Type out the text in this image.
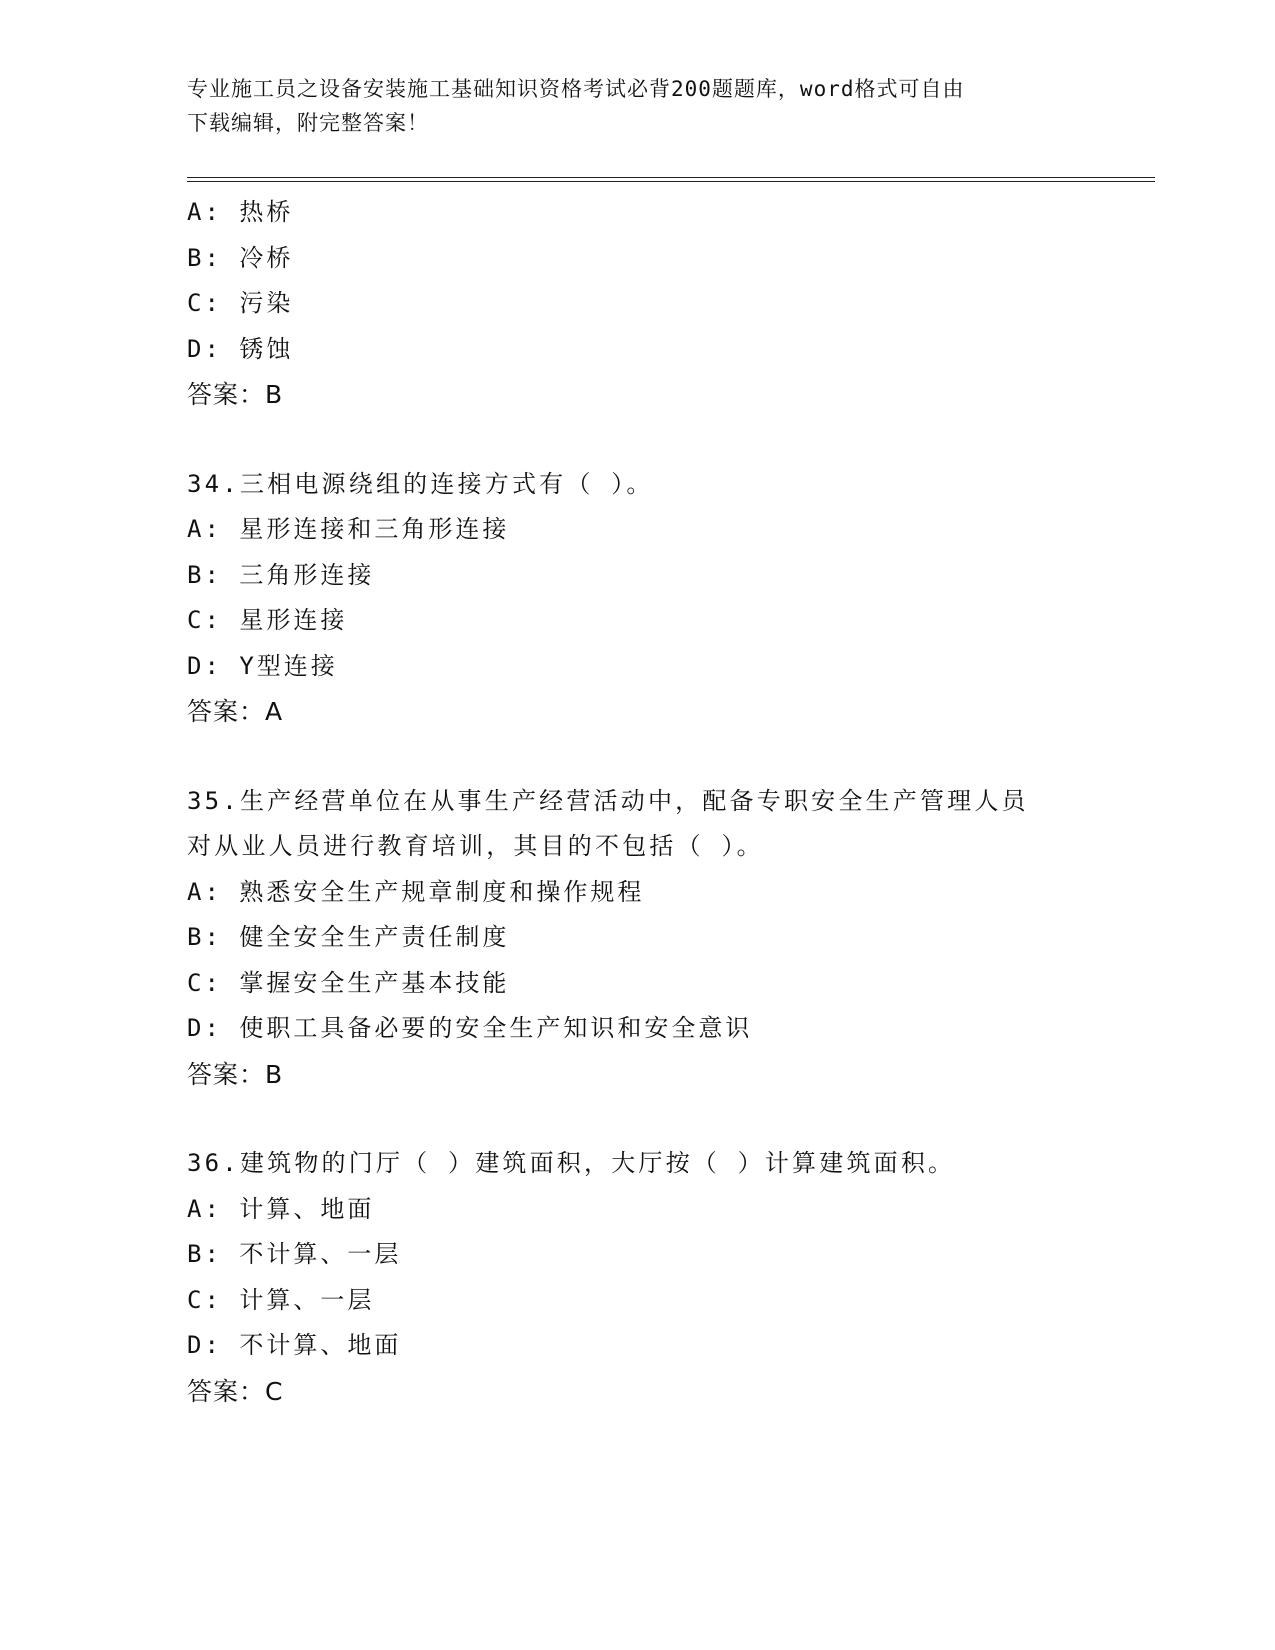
专业施工员之设备安装施工基础知识资格考试必背200题题库，word格式可自由
下载编辑，附完整答案！
A: 热桥
B: 冷桥
C: 污染
D: 锈蚀
答案：B
34.三相电源绕组的连接方式有（ ）。
A: 星形连接和三角形连接
B: 三角形连接
C: 星形连接
D: Y型连接
答案：A
35.生产经营单位在从事生产经营活动中，配备专职安全生产管理人员
对从业人员进行教育培训，其目的不包括（ ）。
A: 熟悉安全生产规章制度和操作规程
B: 健全安全生产责任制度
C: 掌握安全生产基本技能
D: 使职工具备必要的安全生产知识和安全意识
答案：B
36.建筑物的门厅（ ）建筑面积，大厅按（ ）计算建筑面积。
A: 计算、地面
B: 不计算、一层
C: 计算、一层
D: 不计算、地面
答案：C
